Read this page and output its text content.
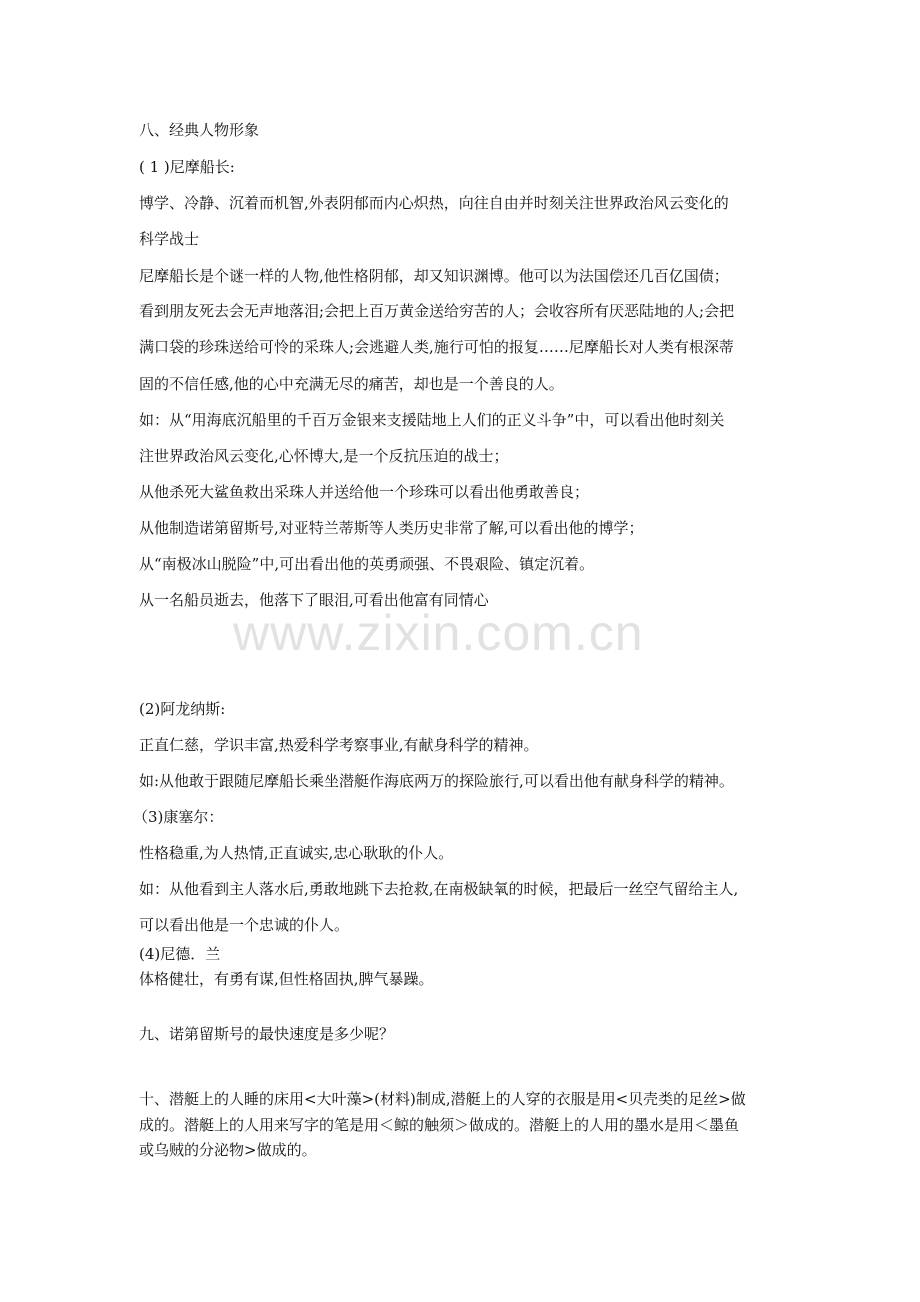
www.zixin.com.cn
八、经典人物形象
( 1 )尼摩船长:
博学、冷静、沉着而机智,外表阴郁而内心炽热，向往自由并时刻关注世界政治风云变化的
科学战士
尼摩船长是个谜一样的人物,他性格阴郁，却又知识渊博。他可以为法国偿还几百亿国债；
看到朋友死去会无声地落泪;会把上百万黄金送给穷苦的人；会收容所有厌恶陆地的人;会把
满口袋的珍珠送给可怜的采珠人;会逃避人类,施行可怕的报复……尼摩船长对人类有根深蒂
固的不信任感,他的心中充满无尽的痛苦，却也是一个善良的人。
如：从“用海底沉船里的千百万金银来支援陆地上人们的正义斗争”中，可以看出他时刻关
注世界政治风云变化,心怀博大,是一个反抗压迫的战士；
从他杀死大鲨鱼救出采珠人并送给他一个珍珠可以看出他勇敢善良；
从他制造诺第留斯号,对亚特兰蒂斯等人类历史非常了解,可以看出他的博学；
从“南极冰山脱险”中,可出看出他的英勇顽强、不畏艰险、镇定沉着。
从一名船员逝去，他落下了眼泪,可看出他富有同情心
(2)阿龙纳斯:
正直仁慈，学识丰富,热爱科学考察事业,有献身科学的精神。
如:从他敢于跟随尼摩船长乘坐潜艇作海底两万的探险旅行,可以看出他有献身科学的精神。
（3)康塞尔：
性格稳重,为人热情,正直诚实,忠心耿耿的仆人。
如：从他看到主人落水后,勇敢地跳下去抢救,在南极缺氧的时候，把最后一丝空气留给主人,
可以看出他是一个忠诚的仆人。
(4)尼德．兰
体格健壮，有勇有谋,但性格固执,脾气暴躁。
九、诺第留斯号的最快速度是多少呢？
十、潜艇上的人睡的床用<大叶藻>(材料)制成,潜艇上的人穿的衣服是用<贝壳类的足丝>做
成的。潜艇上的人用来写字的笔是用＜鲸的触须＞做成的。潜艇上的人用的墨水是用＜墨鱼
或乌贼的分泌物>做成的。
